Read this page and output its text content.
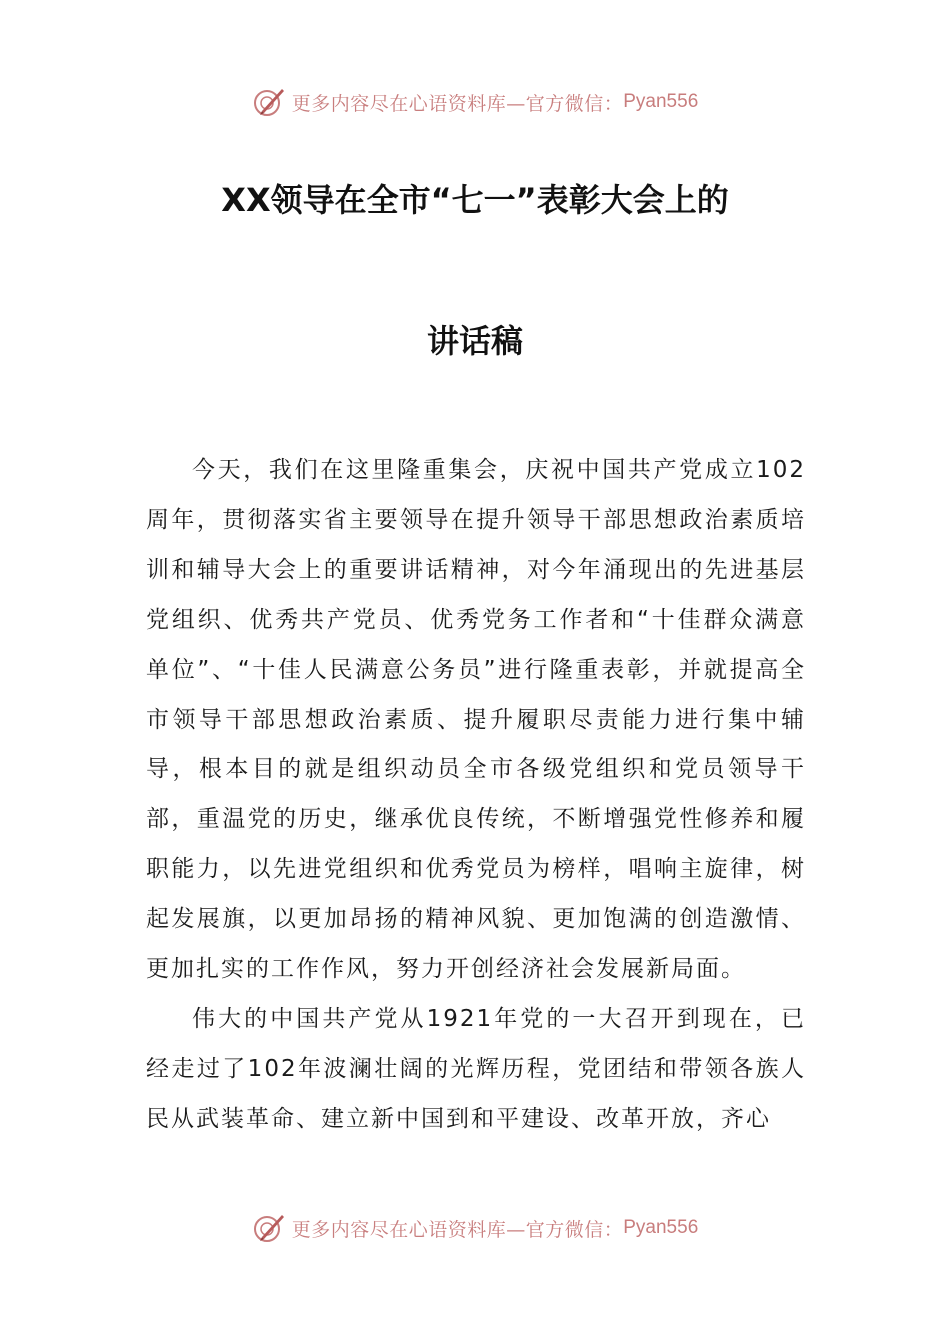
更多内容尽在心语资料库—官方微信： Pyan556
XX领导在全市“七一”表彰大会上的
讲话稿

今天，我们在这里隆重集会，庆祝中国共产党成立102周年，贯彻落实省主要领导在提升领导干部思想政治素质培训和辅导大会上的重要讲话精神，对今年涌现出的先进基层党组织、优秀共产党员、优秀党务工作者和“十佳群众满意单位”、“十佳人民满意公务员”进行隆重表彰，并就提高全市领导干部思想政治素质、提升履职尽责能力进行集中辅导，根本目的就是组织动员全市各级党组织和党员领导干部，重温党的历史，继承优良传统，不断增强党性修养和履职能力，以先进党组织和优秀党员为榜样，唱响主旋律，树起发展旗，以更加昂扬的精神风貌、更加饱满的创造激情、更加扎实的工作作风，努力开创经济社会发展新局面。

伟大的中国共产党从1921年党的一大召开到现在，已经走过了102年波澜壮阔的光辉历程，党团结和带领各族人民从武装革命、建立新中国到和平建设、改革开放，齐心

更多内容尽在心语资料库—官方微信： Pyan556
